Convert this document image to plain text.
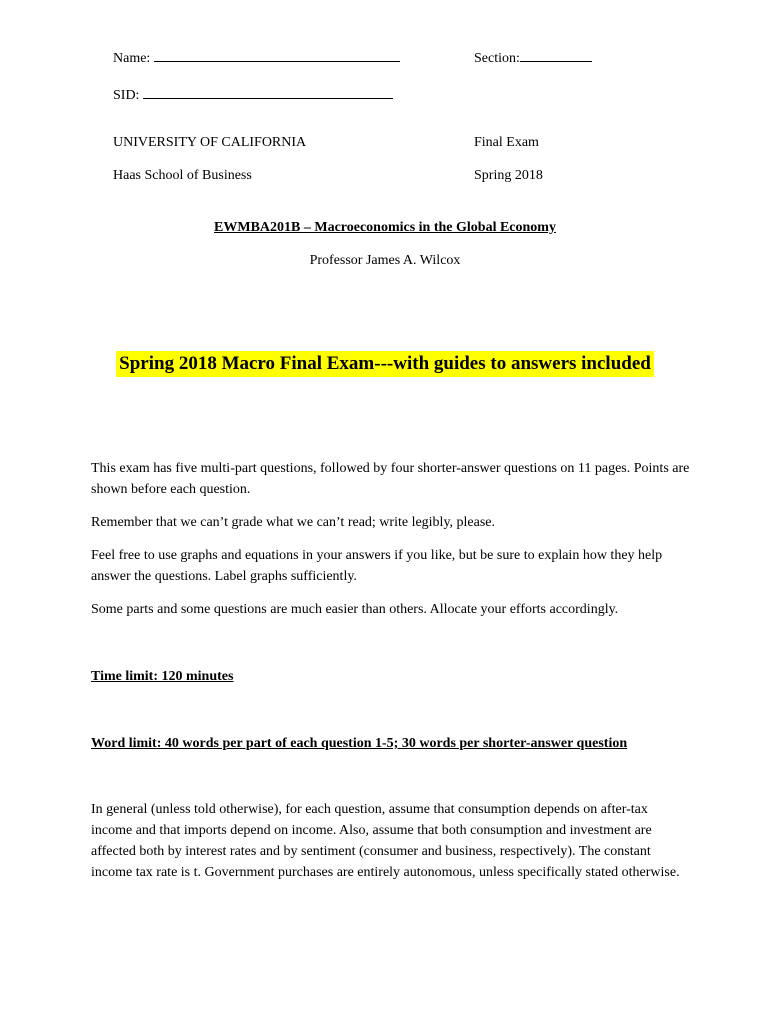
Name:	Section:
SID:
UNIVERSITY OF CALIFORNIA	Final Exam
Haas School of Business	Spring 2018
EWMBA201B – Macroeconomics in the Global Economy
Professor James A. Wilcox
Spring 2018 Macro Final Exam---with guides to answers included
This exam has five multi-part questions, followed by four shorter-answer questions on 11 pages. Points are shown before each question.
Remember that we can’t grade what we can’t read; write legibly, please.
Feel free to use graphs and equations in your answers if you like, but be sure to explain how they help answer the questions. Label graphs sufficiently.
Some parts and some questions are much easier than others. Allocate your efforts accordingly.
Time limit: 120 minutes
Word limit: 40 words per part of each question 1-5; 30 words per shorter-answer question
In general (unless told otherwise), for each question, assume that consumption depends on after-tax income and that imports depend on income. Also, assume that both consumption and investment are affected both by interest rates and by sentiment (consumer and business, respectively). The constant income tax rate is t. Government purchases are entirely autonomous, unless specifically stated otherwise.
